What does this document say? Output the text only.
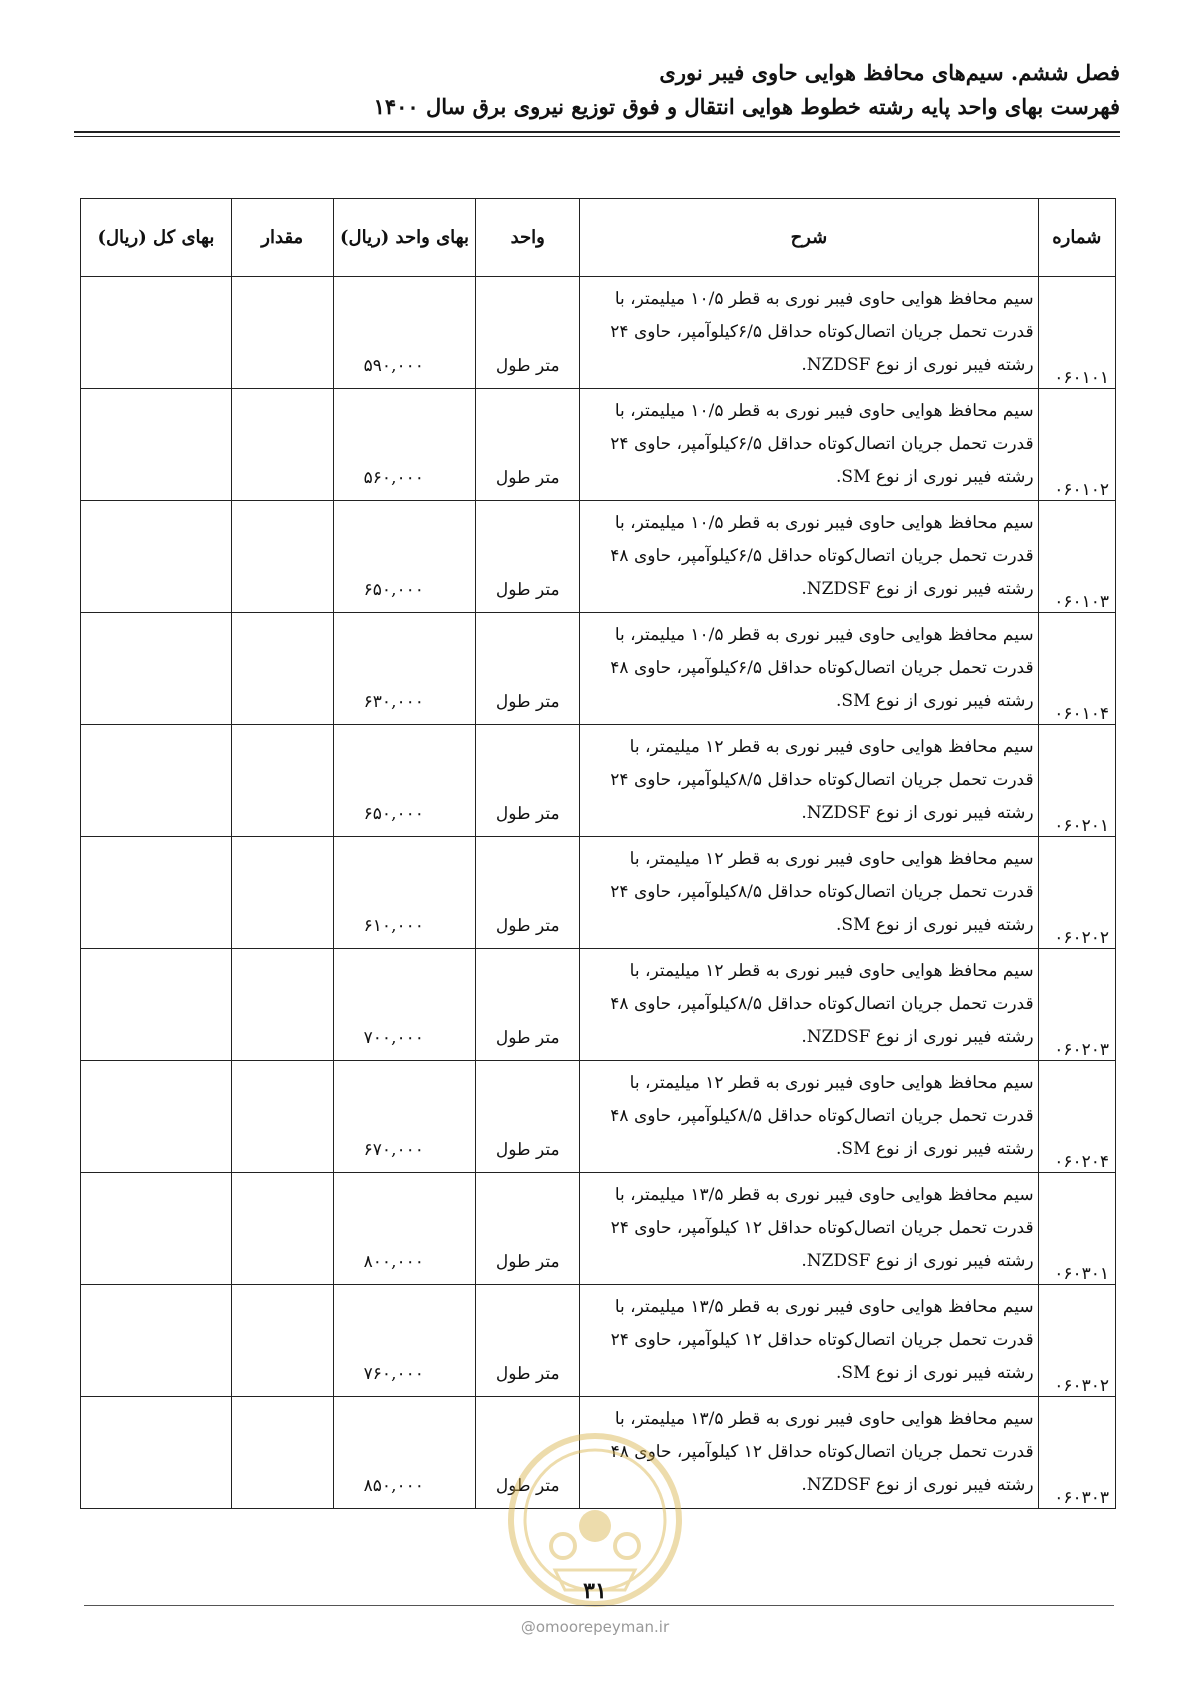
فصل ششم. سیم‌های محافظ هوایی حاوی فیبر نوری
فهرست بهای واحد پایه رشته خطوط هوایی انتقال و فوق توزیع نیروی برق سال ۱۴۰۰
شماره	شرح	واحد	بهای واحد (ریال)	مقدار	بهای کل (ریال)
۰۶۰۱۰۱	سیم محافظ هوایی حاوی فیبر نوری به قطر ۱۰/۵ میلیمتر، با قدرت تحمل جریان اتصال‌کوتاه حداقل ۶/۵کیلوآمپر، حاوی ۲۴ رشته فیبر نوری از نوع NZDSF.	متر طول	۵۹۰,۰۰۰		
۰۶۰۱۰۲	سیم محافظ هوایی حاوی فیبر نوری به قطر ۱۰/۵ میلیمتر، با قدرت تحمل جریان اتصال‌کوتاه حداقل ۶/۵کیلوآمپر، حاوی ۲۴ رشته فیبر نوری از نوع SM.	متر طول	۵۶۰,۰۰۰		
۰۶۰۱۰۳	سیم محافظ هوایی حاوی فیبر نوری به قطر ۱۰/۵ میلیمتر، با قدرت تحمل جریان اتصال‌کوتاه حداقل ۶/۵کیلوآمپر، حاوی ۴۸ رشته فیبر نوری از نوع NZDSF.	متر طول	۶۵۰,۰۰۰		
۰۶۰۱۰۴	سیم محافظ هوایی حاوی فیبر نوری به قطر ۱۰/۵ میلیمتر، با قدرت تحمل جریان اتصال‌کوتاه حداقل ۶/۵کیلوآمپر، حاوی ۴۸ رشته فیبر نوری از نوع SM.	متر طول	۶۳۰,۰۰۰		
۰۶۰۲۰۱	سیم محافظ هوایی حاوی فیبر نوری به قطر ۱۲ میلیمتر، با قدرت تحمل جریان اتصال‌کوتاه حداقل ۸/۵کیلوآمپر، حاوی ۲۴ رشته فیبر نوری از نوع NZDSF.	متر طول	۶۵۰,۰۰۰		
۰۶۰۲۰۲	سیم محافظ هوایی حاوی فیبر نوری به قطر ۱۲ میلیمتر، با قدرت تحمل جریان اتصال‌کوتاه حداقل ۸/۵کیلوآمپر، حاوی ۲۴ رشته فیبر نوری از نوع SM.	متر طول	۶۱۰,۰۰۰		
۰۶۰۲۰۳	سیم محافظ هوایی حاوی فیبر نوری به قطر ۱۲ میلیمتر، با قدرت تحمل جریان اتصال‌کوتاه حداقل ۸/۵کیلوآمپر، حاوی ۴۸ رشته فیبر نوری از نوع NZDSF.	متر طول	۷۰۰,۰۰۰		
۰۶۰۲۰۴	سیم محافظ هوایی حاوی فیبر نوری به قطر ۱۲ میلیمتر، با قدرت تحمل جریان اتصال‌کوتاه حداقل ۸/۵کیلوآمپر، حاوی ۴۸ رشته فیبر نوری از نوع SM.	متر طول	۶۷۰,۰۰۰		
۰۶۰۳۰۱	سیم محافظ هوایی حاوی فیبر نوری به قطر ۱۳/۵ میلیمتر، با قدرت تحمل جریان اتصال‌کوتاه حداقل ۱۲ کیلوآمپر، حاوی ۲۴ رشته فیبر نوری از نوع NZDSF.	متر طول	۸۰۰,۰۰۰		
۰۶۰۳۰۲	سیم محافظ هوایی حاوی فیبر نوری به قطر ۱۳/۵ میلیمتر، با قدرت تحمل جریان اتصال‌کوتاه حداقل ۱۲ کیلوآمپر، حاوی ۲۴ رشته فیبر نوری از نوع SM.	متر طول	۷۶۰,۰۰۰		
۰۶۰۳۰۳	سیم محافظ هوایی حاوی فیبر نوری به قطر ۱۳/۵ میلیمتر، با قدرت تحمل جریان اتصال‌کوتاه حداقل ۱۲ کیلوآمپر، حاوی ۴۸ رشته فیبر نوری از نوع NZDSF.	متر طول	۸۵۰,۰۰۰		
۳۱
@omoorepeyman.ir
